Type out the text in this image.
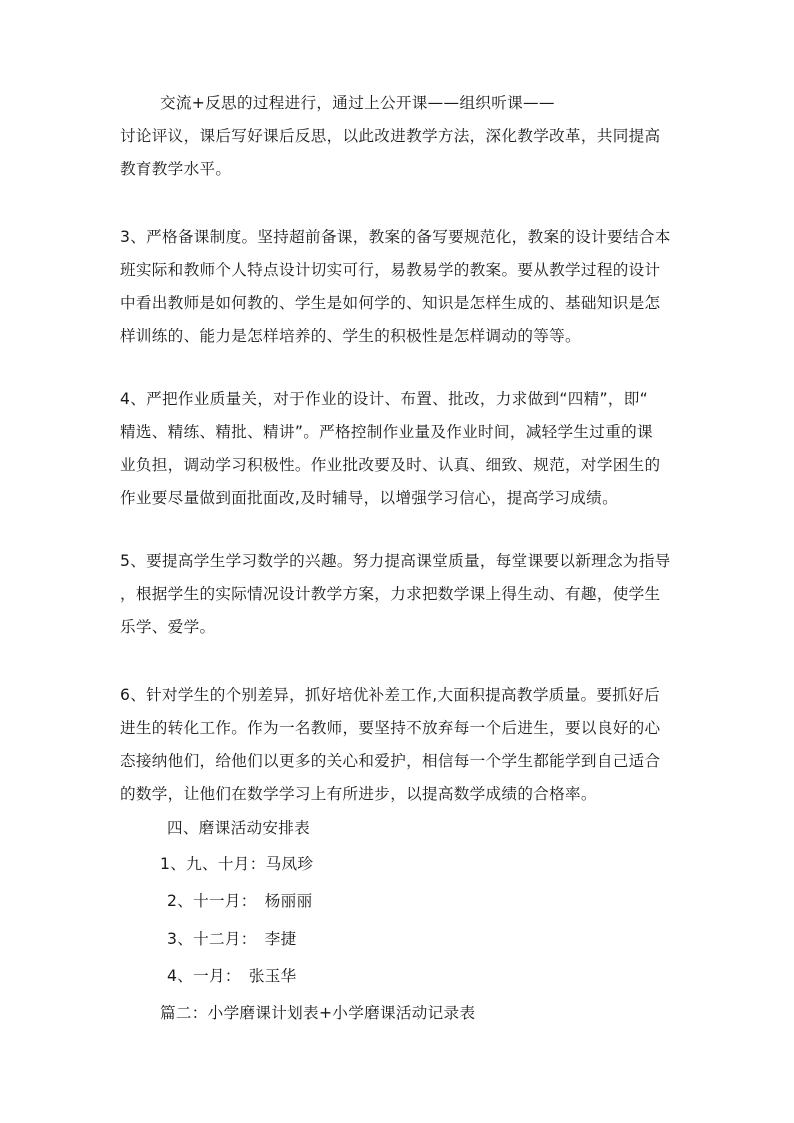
交流+反思的过程进行，通过上公开课——组织听课——
讨论评议，课后写好课后反思，以此改进教学方法，深化教学改革，共同提高
教育教学水平。
3、严格备课制度。坚持超前备课，教案的备写要规范化，教案的设计要结合本
班实际和教师个人特点设计切实可行，易教易学的教案。要从教学过程的设计
中看出教师是如何教的、学生是如何学的、知识是怎样生成的、基础知识是怎
样训练的、能力是怎样培养的、学生的积极性是怎样调动的等等。
4、严把作业质量关，对于作业的设计、布置、批改，力求做到“四精”，即“
精选、精练、精批、精讲”。严格控制作业量及作业时间，减轻学生过重的课
业负担，调动学习积极性。作业批改要及时、认真、细致、规范，对学困生的
作业要尽量做到面批面改,及时辅导，以增强学习信心，提高学习成绩。
5、要提高学生学习数学的兴趣。努力提高课堂质量，每堂课要以新理念为指导
，根据学生的实际情况设计教学方案，力求把数学课上得生动、有趣，使学生
乐学、爱学。
6、针对学生的个别差异，抓好培优补差工作,大面积提高教学质量。要抓好后
进生的转化工作。作为一名教师，要坚持不放弃每一个后进生，要以良好的心
态接纳他们，给他们以更多的关心和爱护，相信每一个学生都能学到自己适合
的数学，让他们在数学学习上有所进步，以提高数学成绩的合格率。
四、磨课活动安排表
1、九、十月：马凤珍
2、十一月：　杨丽丽
3、十二月：　李捷
4、一月：　张玉华
篇二：小学磨课计划表+小学磨课活动记录表
